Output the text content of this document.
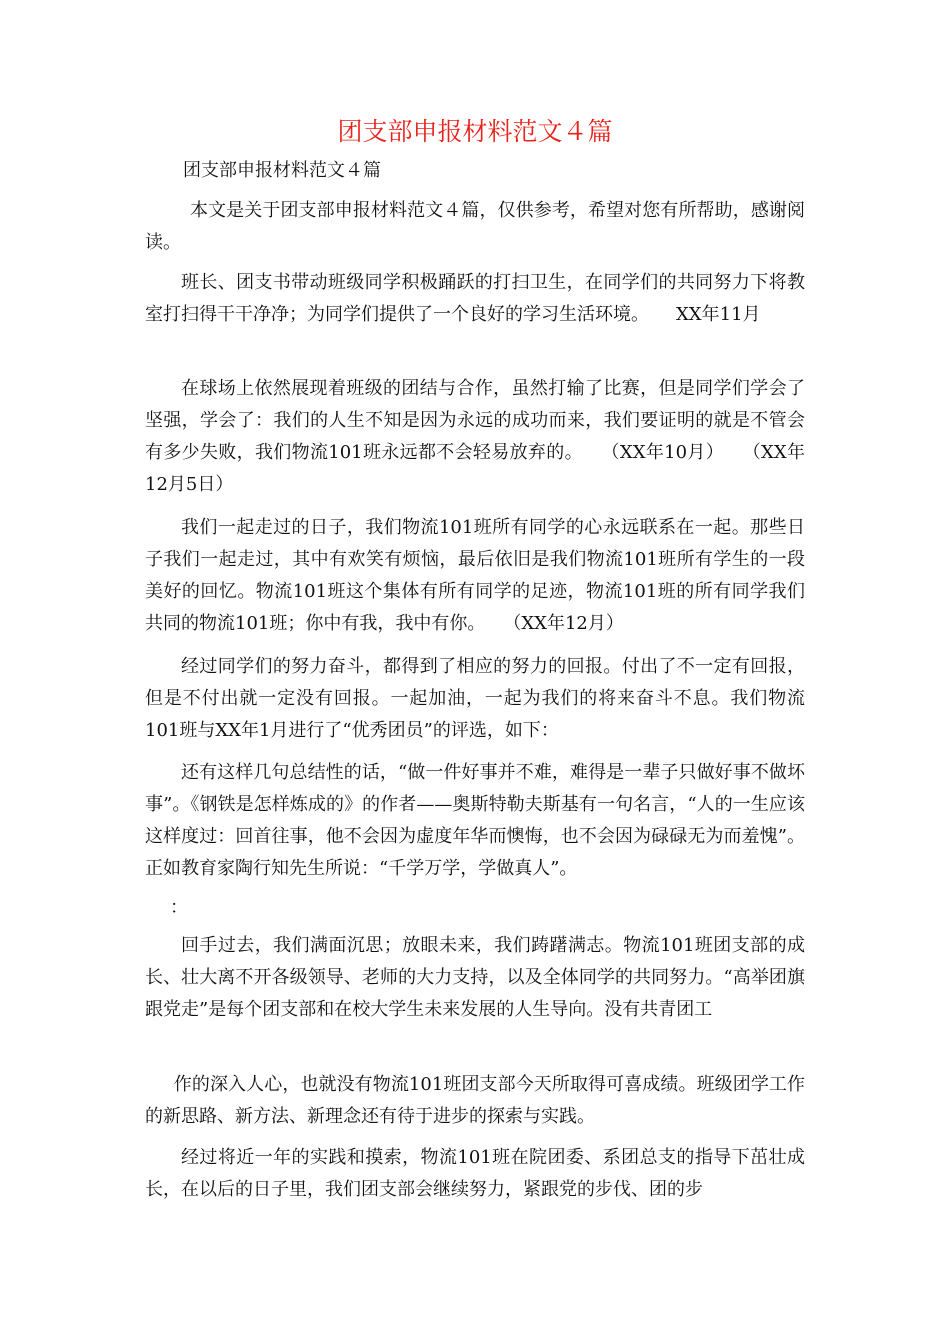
团支部申报材料范文４篇

团支部申报材料范文４篇

本文是关于团支部申报材料范文４篇，仅供参考，希望对您有所帮助，感谢阅读。

班长、团支书带动班级同学积极踊跃的打扫卫生，在同学们的共同努力下将教室打扫得干干净净；为同学们提供了一个良好的学习生活环境。　　XX年11月

在球场上依然展现着班级的团结与合作，虽然打输了比赛，但是同学们学会了坚强，学会了：我们的人生不知是因为永远的成功而来，我们要证明的就是不管会有多少失败，我们物流101班永远都不会轻易放弃的。　　（XX年10月）　　（XX年12月5日）

我们一起走过的日子，我们物流101班所有同学的心永远联系在一起。那些日子我们一起走过，其中有欢笑有烦恼，最后依旧是我们物流101班所有学生的一段美好的回忆。物流101班这个集体有所有同学的足迹，物流101班的所有同学我们共同的物流101班；你中有我，我中有你。　　（XX年12月）

经过同学们的努力奋斗，都得到了相应的努力的回报。付出了不一定有回报，但是不付出就一定没有回报。一起加油，一起为我们的将来奋斗不息。我们物流101班与XX年1月进行了“优秀团员”的评选，如下：

还有这样几句总结性的话，“做一件好事并不难，难得是一辈子只做好事不做坏事”。《钢铁是怎样炼成的》的作者——奥斯特勒夫斯基有一句名言，“人的一生应该这样度过：回首往事，他不会因为虚度年华而懊悔，也不会因为碌碌无为而羞愧”。正如教育家陶行知先生所说：“千学万学，学做真人”。

：

回手过去，我们满面沉思；放眼未来，我们踌躇满志。物流101班团支部的成长、壮大离不开各级领导、老师的大力支持，以及全体同学的共同努力。“高举团旗跟党走”是每个团支部和在校大学生未来发展的人生导向。没有共青团工

作的深入人心，也就没有物流101班团支部今天所取得可喜成绩。班级团学工作的新思路、新方法、新理念还有待于进步的探索与实践。

经过将近一年的实践和摸索，物流101班在院团委、系团总支的指导下茁壮成长，在以后的日子里，我们团支部会继续努力，紧跟党的步伐、团的步
